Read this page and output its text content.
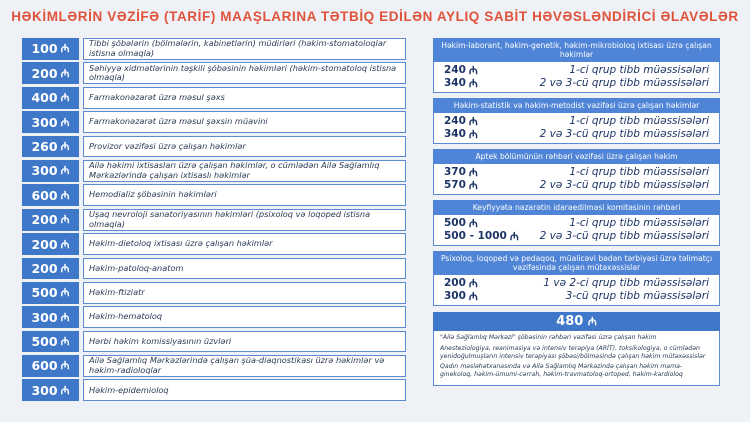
HƏKİMLƏRİN VƏZİFƏ (TARİF) MAAŞLARINA TƏTBİQ EDİLƏN AYLIQ SABİT HƏVƏSLƏNDİRİCİ ƏLAVƏLƏR
100 ₼	Tibbi şöbələrin (bölmələrin, kabinetlərin) müdirləri (həkim-stomatoloqlar istisna olmaqla)
200 ₼	Səhiyyə xidmətlərinin təşkili şöbəsinin həkimləri (həkim-stomatoloq istisna olmaqla)
400 ₼	Farmakonəzarət üzrə məsul şəxs
300 ₼	Farmakonəzarət üzrə məsul şəxsin müavini
260 ₼	Provizor vəzifəsi üzrə çalışan həkimlər
300 ₼	Ailə həkimi ixtisasları üzrə çalışan həkimlər, o cümlədən Ailə Sağlamlıq Mərkəzlərində çalışan ixtisaslı həkimlər
600 ₼	Hemodializ şöbəsinin həkimləri
200 ₼	Uşaq nevroloji sanatoriyasının həkimləri (psixoloq və loqoped istisna olmaqla)
200 ₼	Həkim-dietoloq ixtisası üzrə çalışan həkimlər
200 ₼	Həkim-patoloq-anatom
500 ₼	Həkim-ftiziatr
300 ₼	Həkim-hematoloq
500 ₼	Hərbi həkim komissiyasının üzvləri
600 ₼	Ailə Sağlamlıq Mərkəzlərində çalışan şüa-diaqnostikası üzrə həkimlər və həkim-radioloqlar
300 ₼	Həkim-epidemioloq
Həkim-laborant, həkim-genetik, həkim-mikrobioloq ixtisası üzrə çalışan həkimlər
240 ₼	1-ci qrup tibb müəssisələri
340 ₼	2 və 3-cü qrup tibb müəssisələri
Həkim-statistik və həkim-metodist vəzifəsi üzrə çalışan həkimlər
240 ₼	1-ci qrup tibb müəssisələri
340 ₼	2 və 3-cü qrup tibb müəssisələri
Aptek bölümünün rəhbəri vəzifəsi üzrə çalışan həkim
370 ₼	1-ci qrup tibb müəssisələri
570 ₼	2 və 3-cü qrup tibb müəssisələri
Keyfiyyətə nəzarətin idarəedilməsi komitəsinin rəhbəri
500 ₼	1-ci qrup tibb müəssisələri
500 - 1000 ₼	2 və 3-cü qrup tibb müəssisələri
Psixoloq, loqoped və pedaqoq, müalicəvi bədən tərbiyəsi üzrə təlimatçı vəzifəsində çalışan mütəxəssislər
200 ₼	1 və 2-ci qrup tibb müəssisələri
300 ₼	3-cü qrup tibb müəssisələri
480 ₼

"Ailə Sağlamlıq Mərkəzi" şöbəsinin rəhbəri vəzifəsi üzrə çalışan həkim

Anesteziologiya, reanimasiya və intensiv terapiya (ARİT), toksikologiya, o cümlədən yenidoğulmuşların intensiv terapiyası şöbəsi/bölməsində çalışan həkim mütəxəssislər

Qadın məsləhətxanasında və Ailə Sağlamlıq Mərkəzində çalışan həkim mama-ginekoloq, həkim-ümumi-cərrah, həkim-travmatoloq-ortoped, həkim-kardioloq
